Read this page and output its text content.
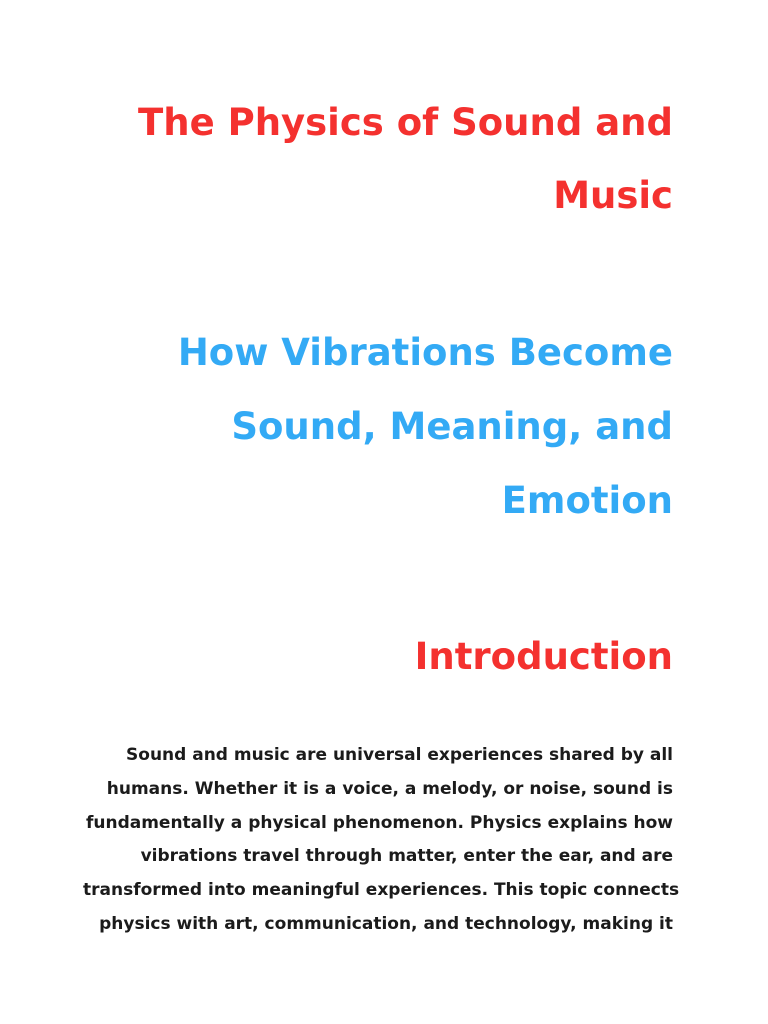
The Physics of Sound and
Music
How Vibrations Become
Sound, Meaning, and
Emotion
Introduction

Sound and music are universal experiences shared by all
humans. Whether it is a voice, a melody, or noise, sound is
fundamentally a physical phenomenon. Physics explains how
vibrations travel through matter, enter the ear, and are
transformed into meaningful experiences. This topic connects
physics with art, communication, and technology, making it
